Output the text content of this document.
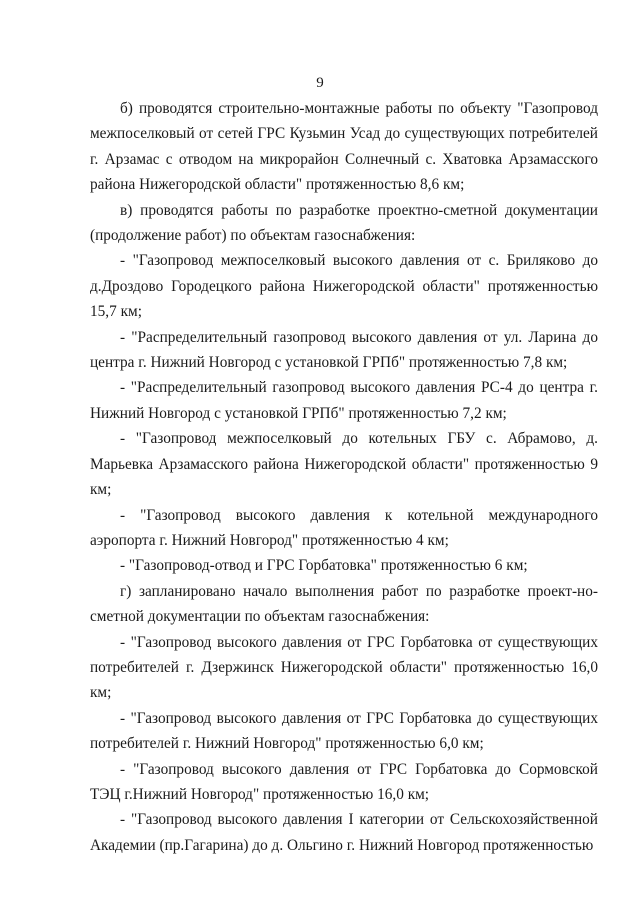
9

б) проводятся строительно-монтажные работы по объекту "Газопровод межпоселковый от сетей ГРС Кузьмин Усад до существующих потребителей г. Арзамас с отводом на микрорайон Солнечный с. Хватовка Арзамасского района Нижегородской области" протяженностью 8,6 км;

в) проводятся работы по разработке проектно-сметной документации (продолжение работ) по объектам газоснабжения:

- "Газопровод межпоселковый высокого давления от с. Бриляково до д.Дроздово Городецкого района Нижегородской области" протяженностью 15,7 км;

- "Распределительный газопровод высокого давления от ул. Ларина до центра г. Нижний Новгород с установкой ГРПб" протяженностью 7,8 км;

- "Распределительный газопровод высокого давления РС-4 до центра г. Нижний Новгород с установкой ГРПб" протяженностью 7,2 км;

- "Газопровод межпоселковый до котельных ГБУ с. Абрамово, д. Марьевка Арзамасского района Нижегородской области" протяженностью 9 км;

- "Газопровод высокого давления к котельной международного аэропорта г. Нижний Новгород" протяженностью 4 км;

- "Газопровод-отвод и ГРС Горбатовка" протяженностью 6 км;

г) запланировано начало выполнения работ по разработке проект-но-сметной документации по объектам газоснабжения:

- "Газопровод высокого давления от ГРС Горбатовка от существующих потребителей г. Дзержинск Нижегородской области" протяженностью 16,0 км;

- "Газопровод высокого давления от ГРС Горбатовка до существующих потребителей г. Нижний Новгород" протяженностью 6,0 км;

- "Газопровод высокого давления от ГРС Горбатовка до Сормовской ТЭЦ г.Нижний Новгород" протяженностью 16,0 км;

- "Газопровод высокого давления I категории от Сельскохозяйственной Академии (пр.Гагарина) до д. Ольгино г. Нижний Новгород протяженностью
